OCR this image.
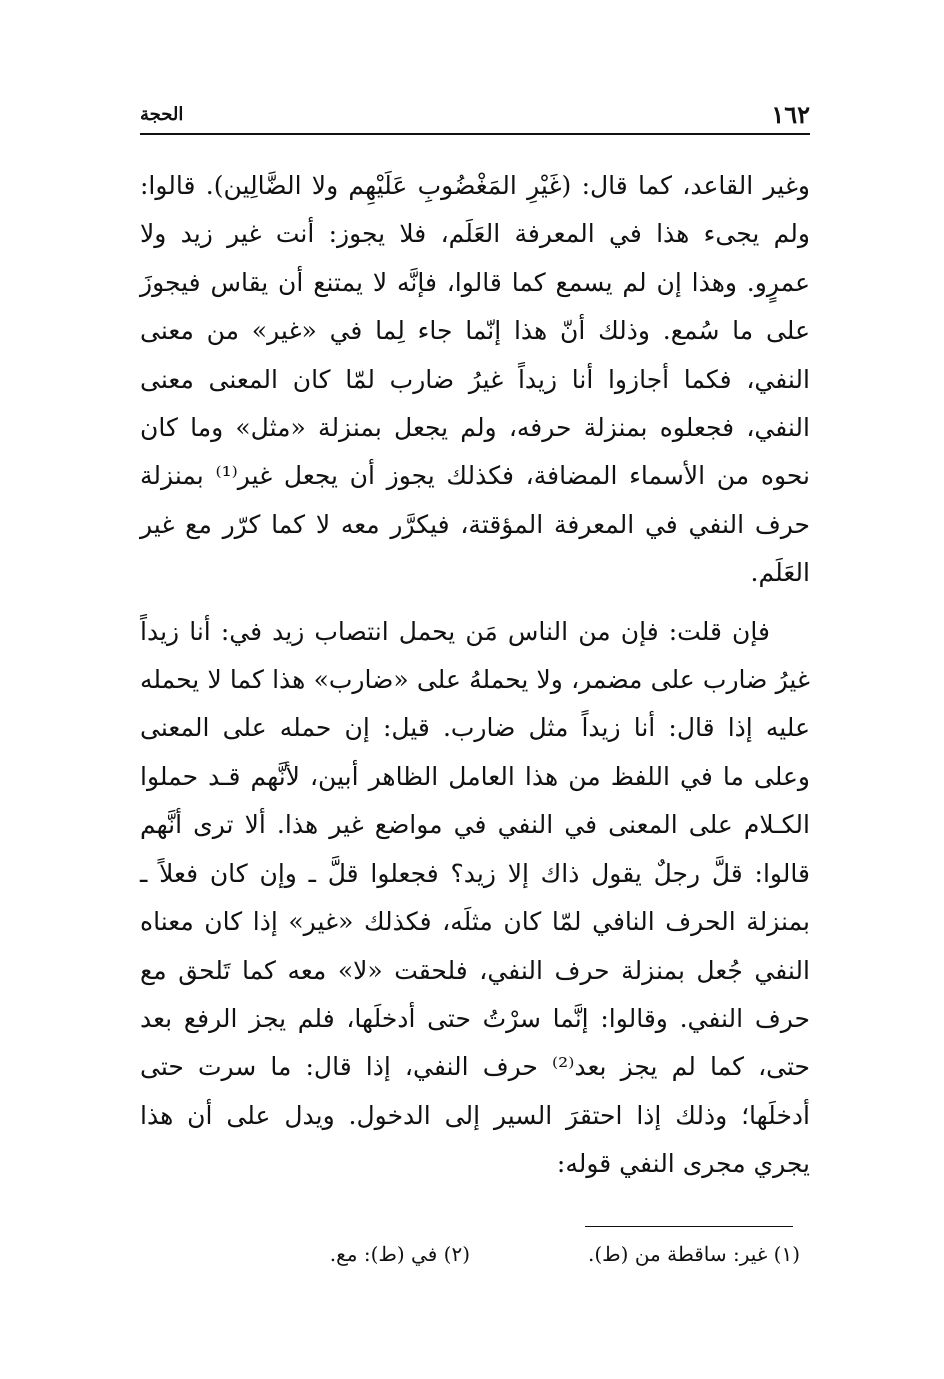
١٦٢
الحجة

وغير القاعد، كما قال: (غَيْرِ المَغْضُوبِ عَلَيْهِم ولا الضَّالِين). قالوا: ولم يجىء هذا في المعرفة العَلَم، فلا يجوز: أنت غير زيد ولا عمرٍو. وهذا إن لم يسمع كما قالوا، فإنَّه لا يمتنع أن يقاس فيجوزَ على ما سُمع. وذلك أنّ هذا إنّما جاء لِما في «غير» من معنى النفي، فكما أجازوا أنا زيداً غيرُ ضارب لمّا كان المعنى معنى النفي، فجعلوه بمنزلة حرفه، ولم يجعل بمنزلة «مثل» وما كان نحوه من الأسماء المضافة، فكذلك يجوز أن يجعل غير⁽¹⁾ بمنزلة حرف النفي في المعرفة المؤقتة، فيكرَّر معه لا كما كرّر مع غير العَلَم.

فإن قلت: فإن من الناس مَن يحمل انتصاب زيد في: أنا زيداً غيرُ ضارب على مضمر، ولا يحملهُ على «ضارب» هذا كما لا يحمله عليه إذا قال: أنا زيداً مثل ضارب. قيل: إن حمله على المعنى وعلى ما في اللفظ من هذا العامل الظاهر أبين، لأنَّهم قـد حملوا الكـلام على المعنى في النفي في مواضع غير هذا. ألا ترى أنَّهم قالوا: قلَّ رجلٌ يقول ذاك إلا زيد؟ فجعلوا قلَّ ـ وإن كان فعلاً ـ بمنزلة الحرف النافي لمّا كان مثلَه، فكذلك «غير» إذا كان معناه النفي جُعل بمنزلة حرف النفي، فلحقت «لا» معه كما تَلحق مع حرف النفي. وقالوا: إنَّما سرْتُ حتى أدخلَها، فلم يجز الرفع بعد حتى، كما لم يجز بعد⁽²⁾ حرف النفي، إذا قال: ما سرت حتى أدخلَها؛ وذلك إذا احتقرَ السير إلى الدخول. ويدل على أن هذا يجري مجرى النفي قوله:

(١) غير: ساقطة من (ط).
(٢) في (ط): مع.
